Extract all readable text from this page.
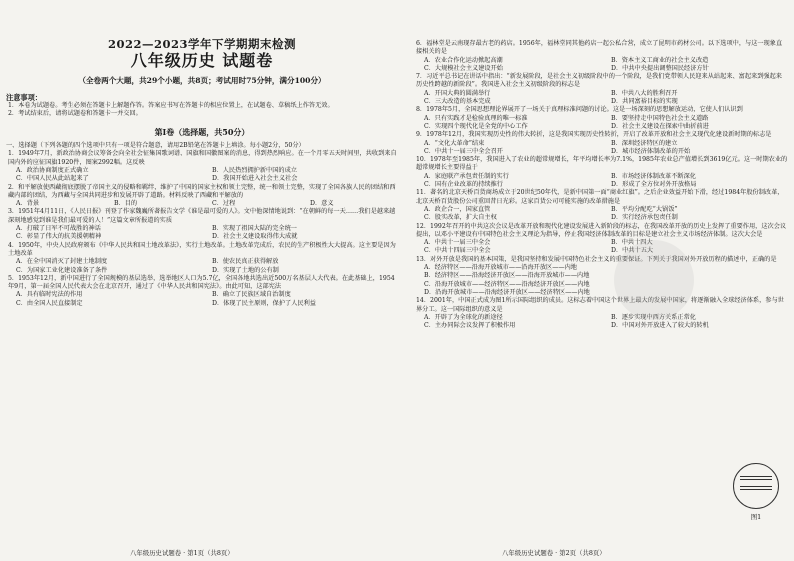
2022—2023学年下学期期末检测
八年级历史 试题卷
（全卷两个大题，共29个小题，共8页；考试用时75分钟，满分100分）
注意事项：
1．本卷为试题卷。考生必须在答题卡上解题作答。答案应书写在答题卡的相应位置上，在试题卷、草稿纸上作答无效。
2．考试结束后，请将试题卷和答题卡一并交回。
第Ⅰ卷（选择题，共50分）
一、选择题（下列各题的四个选项中只有一项是符合题意，请用2B铅笔在答题卡上填涂。每小题2分，50分）
1．1949年7月，新政治协商会议筹备会向全社会征集国歌词谱、国旗和国徽图案的消息，得到热烈响应。在一个月零五天时间里，共收到来自国内外的应征国旗1920件，图案2992幅。这反映
A．政治协商制度正式确立	B．人民热烈拥护新中国的成立
C．中国人民从此站起来了	D．我国开始进入社会主义社会
2．和平解放使西藏彻底摆脱了帝国主义的侵略和羁绊，维护了中国的国家主权和领土完整，统一和领土完整，实现了全国各族人民的团结和西藏内部的团结，为西藏与全国共同进步和发展开辟了道路。材料反映了西藏和平解放的
A．背景	B．目的	C．过程	D．意义
3．1951年4月11日，《人民日报》刊登了作家魏巍所著报告文学《谁是最可爱的人》。文中他深情地说到：“在朝鲜的每一天……我们是越来越深刻地感觉到谁是我们最可爱的人！”这篇文章所报道的实质
A．打破了日军不可战胜的神话	B．实现了祖国大陆的完全统一
C．彰显了伟大的抗美援朝精神	D．社会主义建设取得伟大成就
4．1950年，中央人民政府颁布《中华人民共和国土地改革法》，实行土地改革。土地改革完成后，农民的生产积极性大大提高。这主要是因为土地改革
A．在全中国消灭了封建土地制度	B．使农民真正获得解放
C．为国家工业化建设准备了条件	D．实现了土地的公有制
5．1953年12月，新中国进行了全国规模的基层选举，选举地区人口为5.7亿，全国各地共选出近500万名基层人大代表。在此基础上，1954年9月，第一届全国人民代表大会在北京召开，通过了《中华人民共和国宪法》。由此可知，这部宪法
A．具有临时宪法的作用	B．确立了民族区域自治制度
C．由全国人民直接制定	D．体现了民主原则，保护了人民利益
八年级历史试题卷 · 第1页（共8页）
6．福林堂是云南现存最古老的药店。1956年，福林堂同其他药店一起公私合营，成立了昆明市药材公司。以下选项中，与这一现象直接相关的是
A．农业合作化运动掀起高潮	B．资本主义工商业的社会主义改造
C．大规模社会主义建设开始	D．中共中央提出调整国民经济方针
7．习近平总书记在讲话中指出：“新发展阶段，是社会主义初级阶段中的一个阶段，是我们党带领人民迎来从站起来、富起来到强起来历史性跨越的新阶段”。我国进入社会主义初级阶段的标志是
A．开国大典的圆满举行	B．中共八大的胜利召开
C．三大改造的基本完成	D．共同富裕目标的实现
8．1978年5月，全国思想理论界展开了一场关于真理标准问题的讨论。这是一场深刻的思想解放运动，它使人们认识到
A．只有实践才是检验真理的唯一标准	B．要坚持走中国特色社会主义道路
C．实现四个现代化是全党的中心工作	D．社会主义建设在探索中曲折前进
9．1978年12月，我国实现历史性的伟大转折，这是我国实现历史性转折，开启了改革开放和社会主义现代化建设新时期的标志是
A．“文化大革命”结束	B．深圳经济特区的建立
C．中共十一届三中全会召开	D．城市经济体制改革的开始
10．1978年至1985年，我国进入了农业的超常规增长，年平均增长率为7.1%，1985年农业总产值增长到3619亿元。这一时期农业的超常规增长主要得益于
A．家庭联产承包责任制的实行	B．市场经济体制改革不断深化
C．国有企业改革的持续推行	D．形成了全方位对外开放格局
11．著名的北京天桥百货商场成立于20世纪50年代，是新中国第一面“商业红旗”。之后企业效益开始下滑，经过1984年股份制改革，北京天桥百货股份公司重回昔日光彩。这家百货公司可能实施的改革措施是
A．政企合一，国家直管	B．平均分配吃“大锅饭”
C．股实改革，扩大自主权	D．实行经济承包责任制
12．1992年召开的中共这次会议是改革开放和现代化建设发展进入新阶段的标志，在我国改革开放的历史上发挥了重要作用，这次会议提出，以邓小平建设有中国特色社会主义理论为指导，停止我国经济体制改革的目标是建立社会主义市场经济体制。这次大会是
A．中共十一届三中全会	B．中共十四大
C．中共十四届三中全会	D．中共十五大
13．对外开放是我国的基本国策，是我国坚持和发展中国特色社会主义的重要保证。下列关于我国对外开放历程的描述中，正确的是
A．经济特区——沿海开放城市——沿海开放区——内地
B．经济特区——沿海经济开放区——沿海开放城市——内地
C．沿海开放城市——经济特区——沿海经济开放区——内地
D．沿海开放城市——沿海经济开放区——经济特区——内地
14．2001年，中国正式成为图1所示国际组织的成员。这标志着中国这个世界上最大的发展中国家，将逐渐融入全球经济体系，参与世界分工。这一国际组织的意义是
A．开辟了为全球化的新途径	B．逐步实现中西方关系正常化
C．主办同际会议发挥了积极作用	D．中国对外开放进入了较大的转机
图1
八年级历史试题卷 · 第2页（共8页）
